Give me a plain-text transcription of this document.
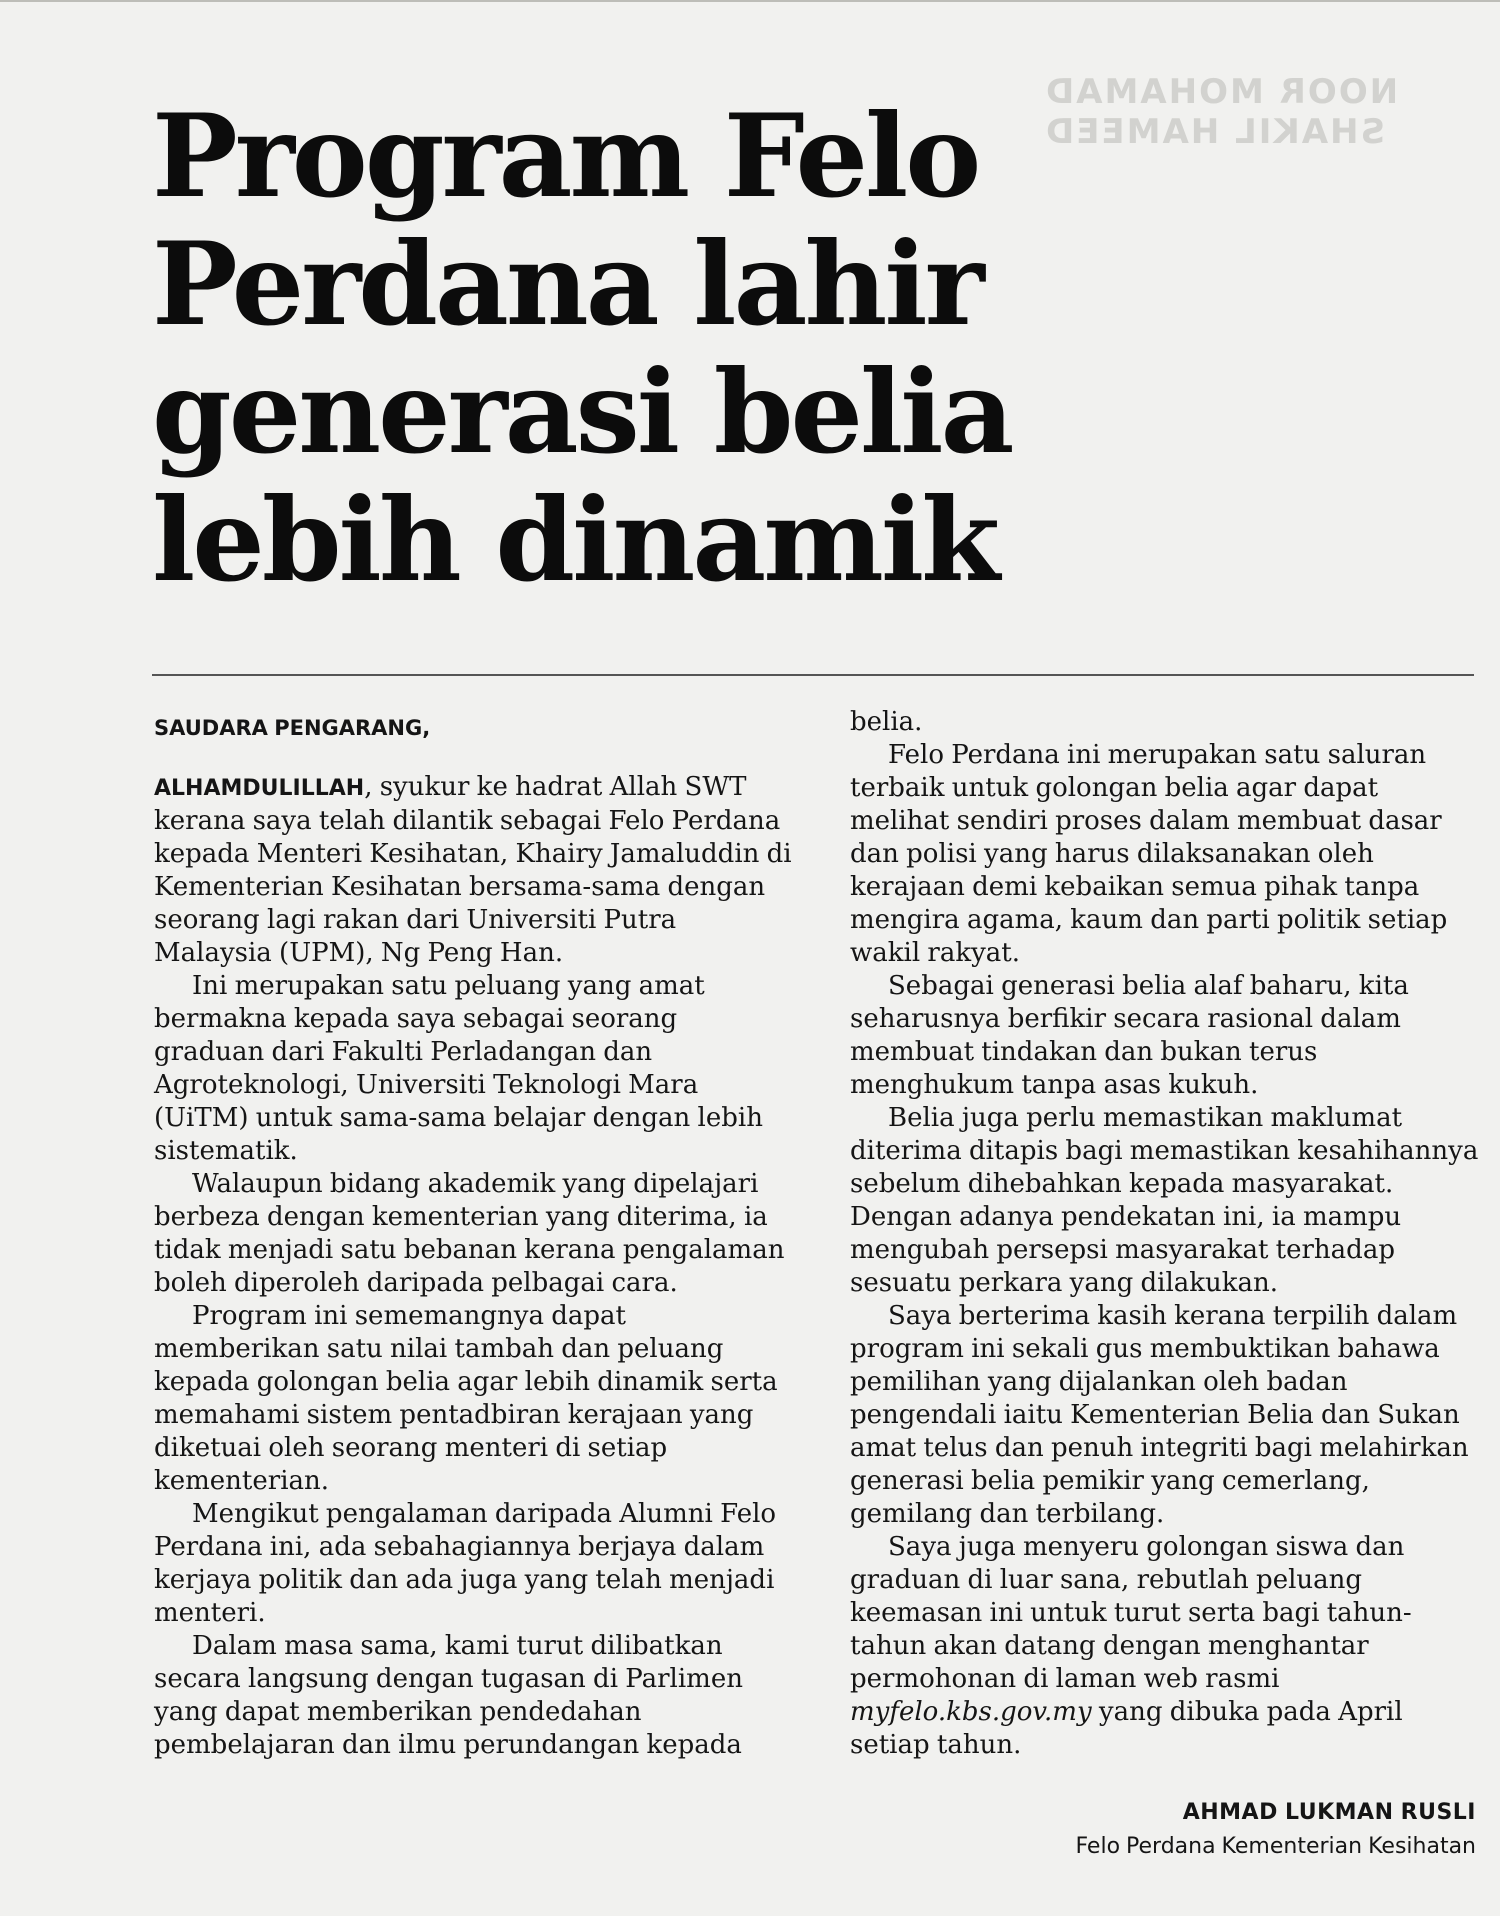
NOOR MOHAMAD SHAKIL HAMEED
Program Felo Perdana lahir generasi belia lebih dinamik
SAUDARA PENGARANG,

ALHAMDULILLAH, syukur ke hadrat Allah SWT kerana saya telah dilantik sebagai Felo Perdana kepada Menteri Kesihatan, Khairy Jamaluddin di Kementerian Kesihatan bersama-sama dengan seorang lagi rakan dari Universiti Putra Malaysia (UPM), Ng Peng Han.

Ini merupakan satu peluang yang amat bermakna kepada saya sebagai seorang graduan dari Fakulti Perladangan dan Agroteknologi, Universiti Teknologi Mara (UiTM) untuk sama-sama belajar dengan lebih sistematik.

Walaupun bidang akademik yang dipelajari berbeza dengan kementerian yang diterima, ia tidak menjadi satu bebanan kerana pengalaman boleh diperoleh daripada pelbagai cara.

Program ini sememangnya dapat memberikan satu nilai tambah dan peluang kepada golongan belia agar lebih dinamik serta memahami sistem pentadbiran kerajaan yang diketuai oleh seorang menteri di setiap kementerian.

Mengikut pengalaman daripada Alumni Felo Perdana ini, ada sebahagiannya berjaya dalam kerjaya politik dan ada juga yang telah menjadi menteri.

Dalam masa sama, kami turut dilibatkan secara langsung dengan tugasan di Parlimen yang dapat memberikan pendedahan pembelajaran dan ilmu perundangan kepada

belia.

Felo Perdana ini merupakan satu saluran terbaik untuk golongan belia agar dapat melihat sendiri proses dalam membuat dasar dan polisi yang harus dilaksanakan oleh kerajaan demi kebaikan semua pihak tanpa mengira agama, kaum dan parti politik setiap wakil rakyat.

Sebagai generasi belia alaf baharu, kita seharusnya berfikir secara rasional dalam membuat tindakan dan bukan terus menghukum tanpa asas kukuh.

Belia juga perlu memastikan maklumat diterima ditapis bagi memastikan kesahihannya sebelum dihebahkan kepada masyarakat. Dengan adanya pendekatan ini, ia mampu mengubah persepsi masyarakat terhadap sesuatu perkara yang dilakukan.

Saya berterima kasih kerana terpilih dalam program ini sekali gus membuktikan bahawa pemilihan yang dijalankan oleh badan pengendali iaitu Kementerian Belia dan Sukan amat telus dan penuh integriti bagi melahirkan generasi belia pemikir yang cemerlang, gemilang dan terbilang.

Saya juga menyeru golongan siswa dan graduan di luar sana, rebutlah peluang keemasan ini untuk turut serta bagi tahun-tahun akan datang dengan menghantar permohonan di laman web rasmi myfelo.kbs.gov.my yang dibuka pada April setiap tahun.

AHMAD LUKMAN RUSLI
Felo Perdana Kementerian Kesihatan
